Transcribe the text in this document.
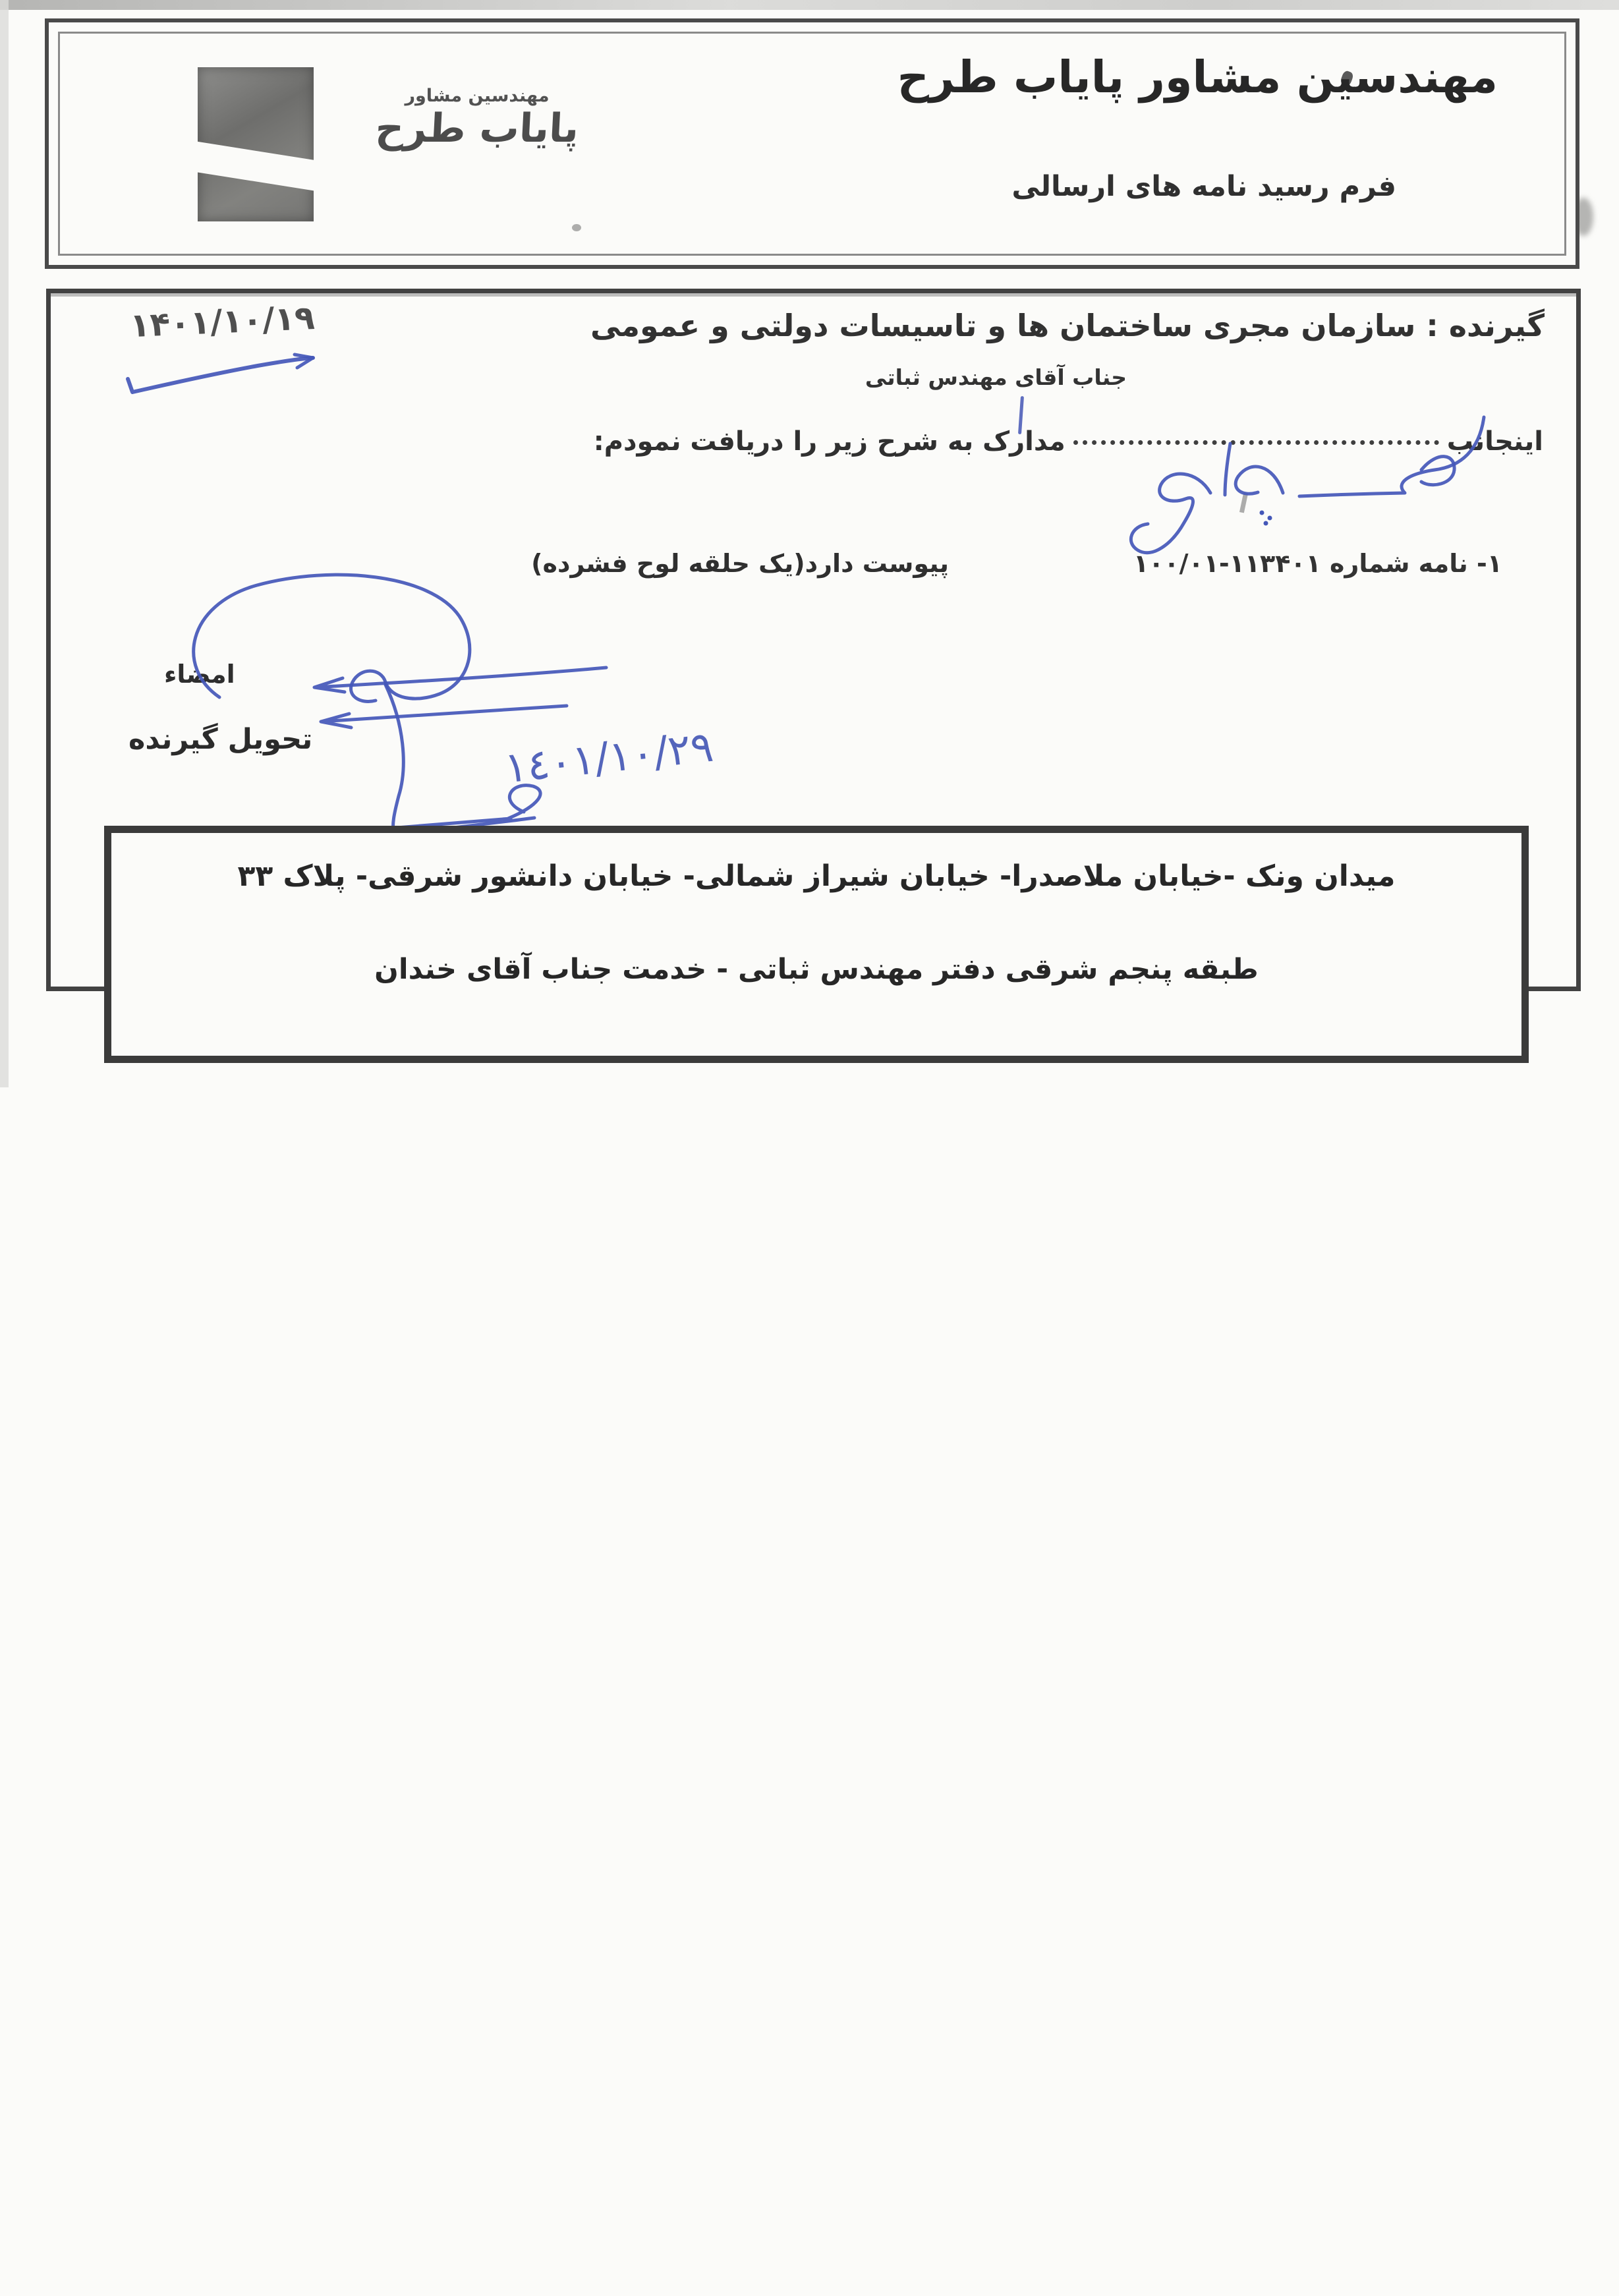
مهندسین مشاور
پایاب طرح
مهندسین مشاور پایاب طرح
فرم رسید نامه های ارسالی
۱۴۰۱/۱۰/۱۹	گیرنده : سازمان مجری ساختمان ها و تاسیسات دولتی و عمومی
جناب آقای مهندس ثباتی
اینجانبمدارک به شرح زیر را دریافت نمودم:
۱- نامه شماره ۱۱۳۴۰۱-۱۰۰/۰۱
پیوست دارد(یک حلقه لوح فشرده)
امضاء
تحویل گیرنده	١٤٠١/١٠/٢٩
میدان ونک -خیابان ملاصدرا- خیابان شیراز شمالی- خیابان دانشور شرقی- پلاک ۳۳
طبقه پنجم شرقی دفتر مهندس ثباتی - خدمت جناب آقای خندان
